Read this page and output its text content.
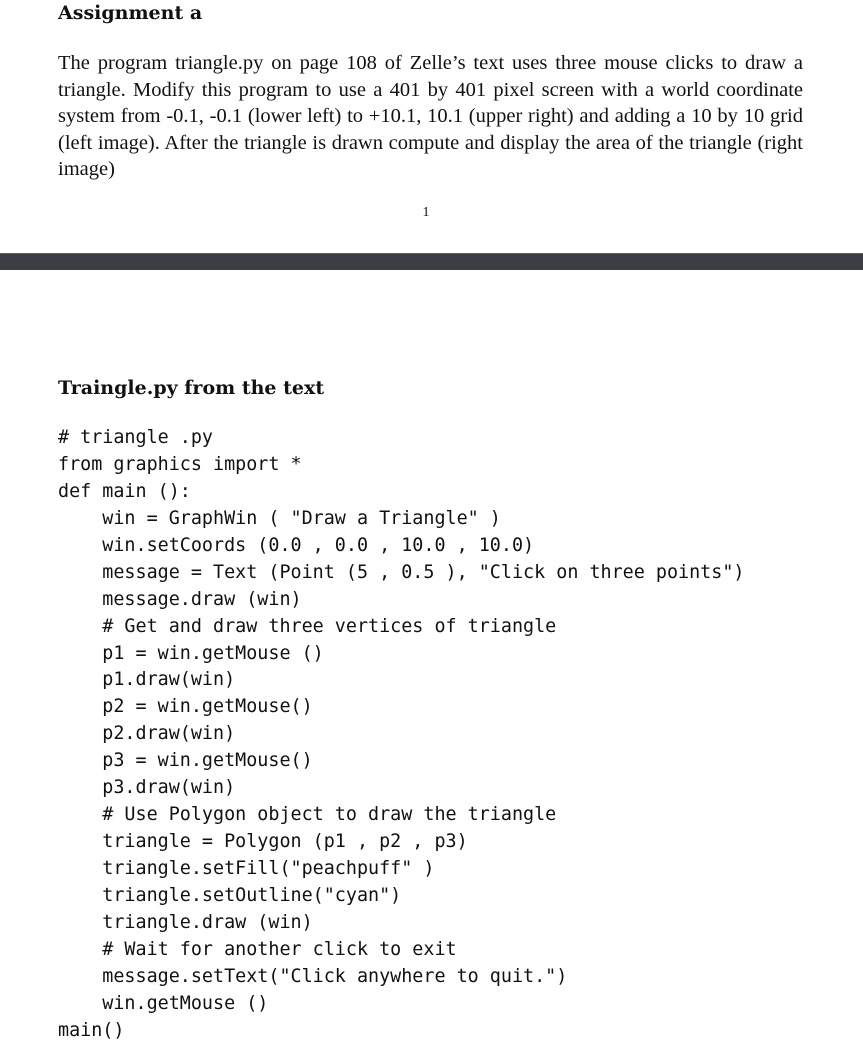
Assignment a

The program triangle.py on page 108 of Zelle’s text uses three mouse clicks to draw a triangle. Modify this program to use a 401 by 401 pixel screen with a world coordinate system from -0.1, -0.1 (lower left) to +10.1, 10.1 (upper right) and adding a 10 by 10 grid (left image). After the triangle is drawn compute and display the area of the triangle (right image)

1
Traingle.py from the text
# triangle .py
from graphics import *
def main ():
win = GraphWin ( "Draw a Triangle" )
win.setCoords (0.0 , 0.0 , 10.0 , 10.0)
message = Text (Point (5 , 0.5 ), "Click on three points")
message.draw (win)
# Get and draw three vertices of triangle
p1 = win.getMouse ()
p1.draw(win)
p2 = win.getMouse()
p2.draw(win)
p3 = win.getMouse()
p3.draw(win)
# Use Polygon object to draw the triangle
triangle = Polygon (p1 , p2 , p3)
triangle.setFill("peachpuff" )
triangle.setOutline("cyan")
triangle.draw (win)
# Wait for another click to exit
message.setText("Click anywhere to quit.")
win.getMouse ()
main()
